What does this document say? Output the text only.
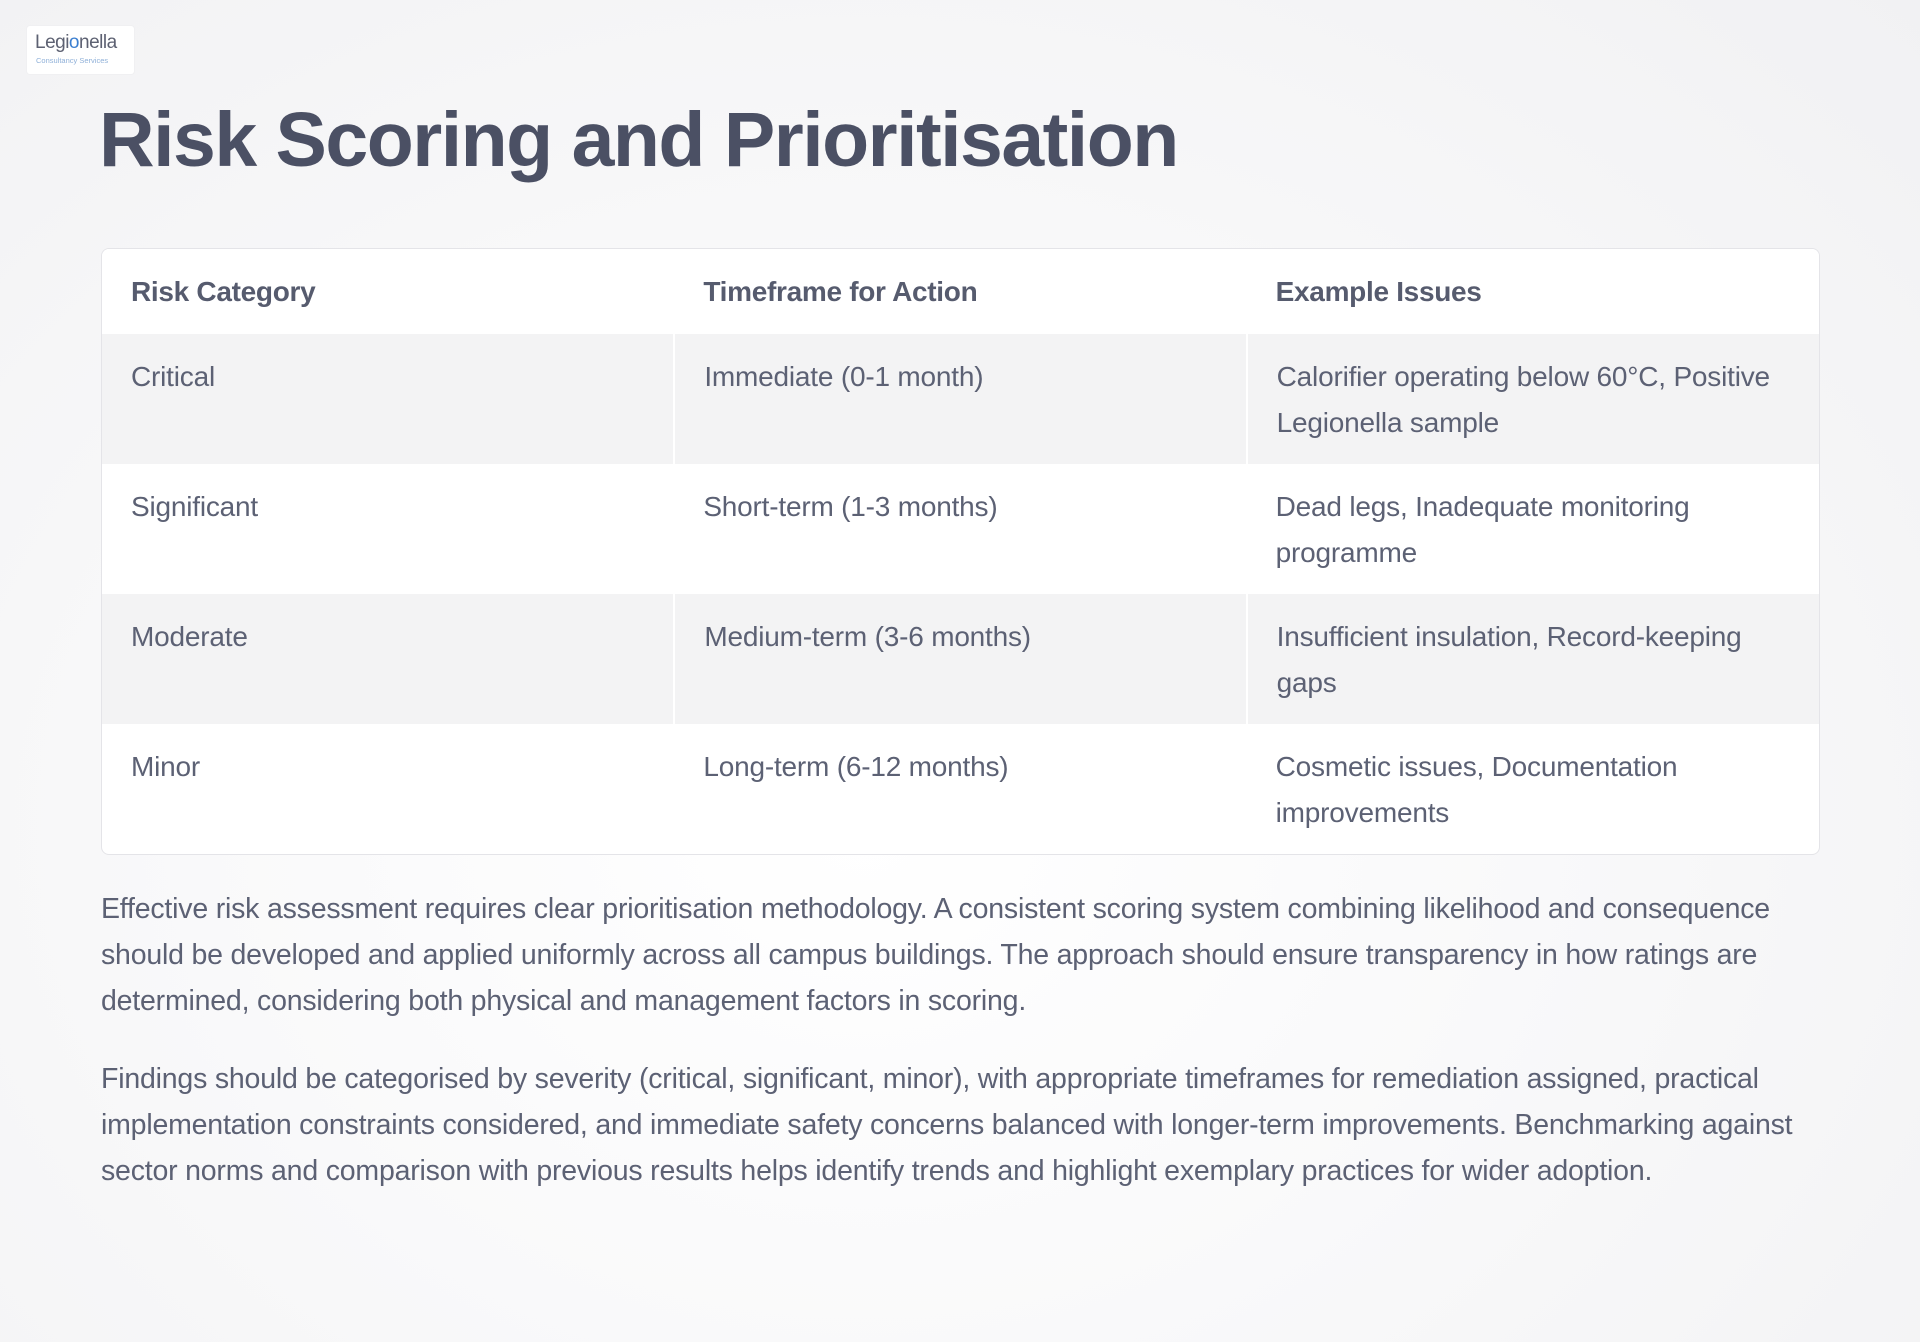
Legionella
Consultancy Services
Risk Scoring and Prioritisation
Risk Category	Timeframe for Action	Example Issues
Critical	Immediate (0-1 month)	Calorifier operating below 60°C, Positive Legionella sample
Significant	Short-term (1-3 months)	Dead legs, Inadequate monitoring programme
Moderate	Medium-term (3-6 months)	Insufficient insulation, Record-keeping gaps
Minor	Long-term (6-12 months)	Cosmetic issues, Documentation improvements

Effective risk assessment requires clear prioritisation methodology. A consistent scoring system combining likelihood and consequence should be developed and applied uniformly across all campus buildings. The approach should ensure transparency in how ratings are determined, considering both physical and management factors in scoring.

Findings should be categorised by severity (critical, significant, minor), with appropriate timeframes for remediation assigned, practical implementation constraints considered, and immediate safety concerns balanced with longer-term improvements. Benchmarking against sector norms and comparison with previous results helps identify trends and highlight exemplary practices for wider adoption.
